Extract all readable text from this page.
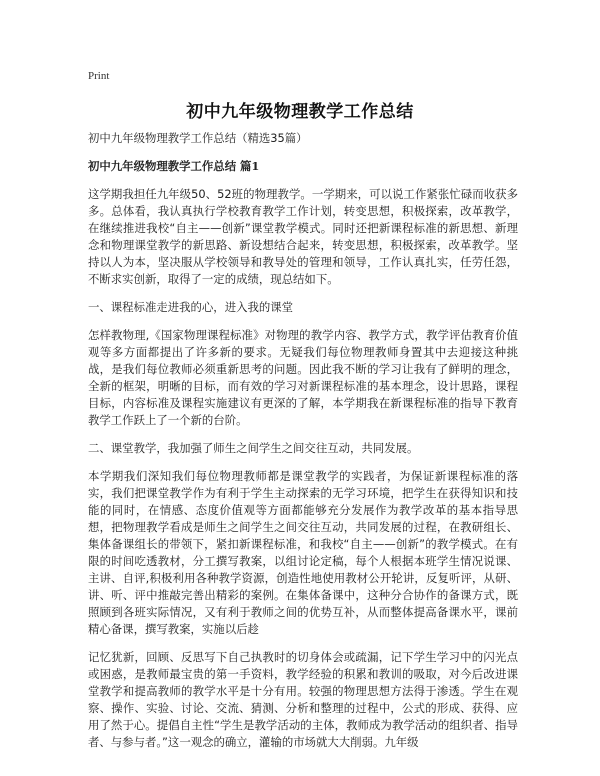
Print
初中九年级物理教学工作总结

初中九年级物理教学工作总结（精选35篇）

初中九年级物理教学工作总结 篇1

这学期我担任九年级50、52班的物理教学。一学期来，可以说工作紧张忙碌而收获多多。总体看，我认真执行学校教育教学工作计划，转变思想，积极探索，改革教学，在继续推进我校“自主——创新”课堂教学模式。同时还把新课程标准的新思想、新理念和物理课堂教学的新思路、新设想结合起来，转变思想，积极探索，改革教学。坚持以人为本，坚决服从学校领导和教导处的管理和领导，工作认真扎实，任劳任怨，不断求实创新，取得了一定的成绩，现总结如下。

一、课程标准走进我的心，进入我的课堂

怎样教物理,《国家物理课程标准》对物理的教学内容、教学方式，教学评估教育价值观等多方面都提出了许多新的要求。无疑我们每位物理教师身置其中去迎接这种挑战，是我们每位教师必须重新思考的问题。因此我不断的学习让我有了鲜明的理念，全新的框架，明晰的目标，而有效的学习对新课程标准的基本理念，设计思路，课程目标，内容标准及课程实施建议有更深的了解，本学期我在新课程标准的指导下教育教学工作跃上了一个新的台阶。

二、课堂教学，我加强了师生之间学生之间交往互动，共同发展。

本学期我们深知我们每位物理教师都是课堂教学的实践者，为保证新课程标准的落实，我们把课堂教学作为有利于学生主动探索的无学习环境，把学生在获得知识和技能的同时，在情感、态度价值观等方面都能够充分发展作为教学改革的基本指导思想，把物理教学看成是师生之间学生之间交往互动，共同发展的过程，在教研组长、集体备课组长的带领下，紧扣新课程标准，和我校“自主——创新”的教学模式。在有限的时间吃透教材，分工撰写教案，以组讨论定稿，每个人根据本班学生情况说课、主讲、自评,积极利用各种教学资源，创造性地使用教材公开轮讲，反复听评，从研、讲、听、评中推敲完善出精彩的案例。在集体备课中，这种分合协作的备课方式，既照顾到各班实际情况，又有利于教师之间的优势互补，从而整体提高备课水平，课前精心备课，撰写教案，实施以后趁

记忆犹新，回顾、反思写下自己执教时的切身体会或疏漏，记下学生学习中的闪光点或困惑，是教师最宝贵的第一手资料，教学经验的积累和教训的吸取，对今后改进课堂教学和提高教师的教学水平是十分有用。较强的物理思想方法得于渗透。学生在观察、操作、实验、讨论、交流、猜测、分析和整理的过程中，公式的形成、获得、应用了然于心。提倡自主性“学生是教学活动的主体，教师成为教学活动的组织者、指导者、与参与者。”这一观念的确立，灌输的市场就大大削弱。九年级
